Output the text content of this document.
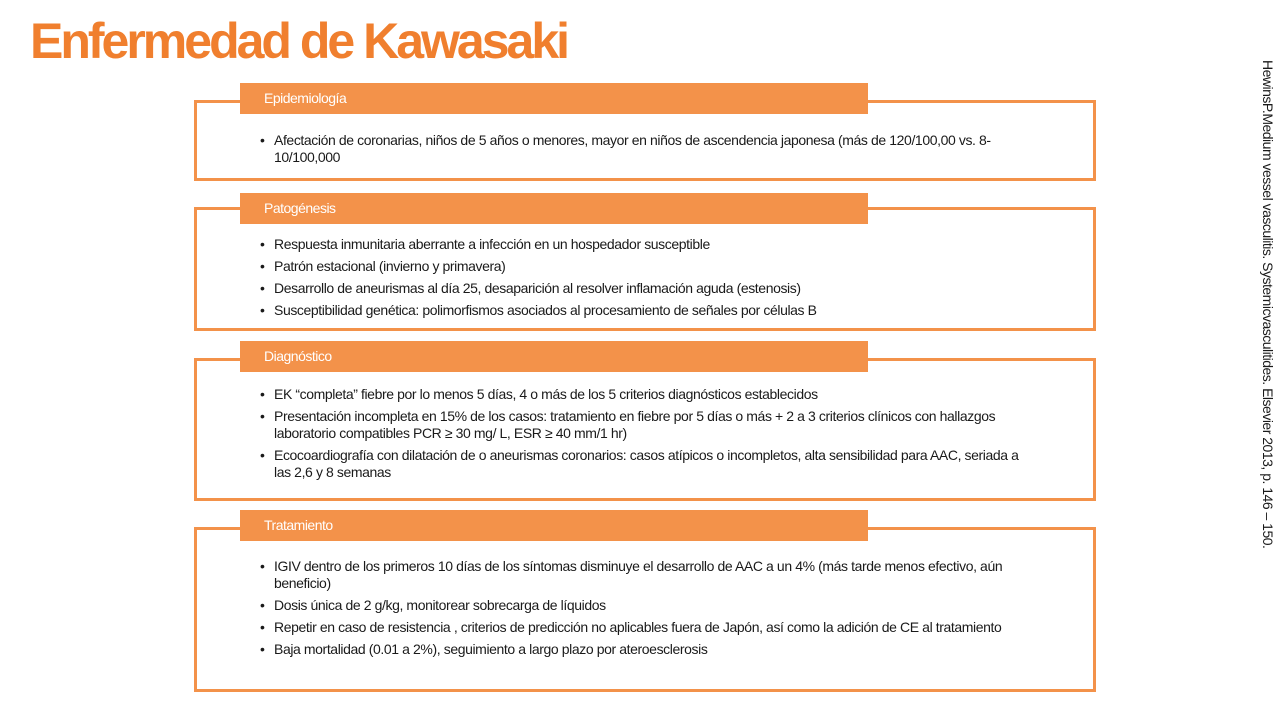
Enfermedad de Kawasaki
Epidemiología
• Afectación de coronarias, niños de 5 años o menores, mayor en niños de ascendencia japonesa (más de 120/100,00 vs. 8-10/100,000
Patogénesis
• Respuesta inmunitaria aberrante a infección en un hospedador susceptible
• Patrón estacional (invierno y primavera)
• Desarrollo de aneurismas al día 25, desaparición al resolver inflamación aguda (estenosis)
• Susceptibilidad genética: polimorfismos asociados al procesamiento de señales por células B
Diagnóstico
• EK “completa” fiebre por lo menos 5 días, 4 o más de los 5 criterios diagnósticos establecidos
• Presentación incompleta en 15% de los casos: tratamiento en fiebre por 5 días o más + 2 a 3 criterios clínicos con hallazgos laboratorio compatibles PCR ≥ 30 mg/ L, ESR ≥ 40 mm/1 hr)
• Ecocoardiografía con dilatación de o aneurismas coronarios: casos atípicos o incompletos, alta sensibilidad para AAC, seriada a las 2,6 y 8 semanas
Tratamiento
• IGIV dentro de los primeros 10 días de los síntomas disminuye el desarrollo de AAC a un 4% (más tarde menos efectivo, aún beneficio)
• Dosis única de 2 g/kg, monitorear sobrecarga de líquidos
• Repetir en caso de resistencia , criterios de predicción no aplicables fuera de Japón, así como la adición de CE al tratamiento
• Baja mortalidad (0.01 a 2%), seguimiento a largo plazo por ateroesclerosis
HewinsP.Medium vessel vasculitis. Systemicvasculitides. Elsevier 2013, p. 146 – 150.
